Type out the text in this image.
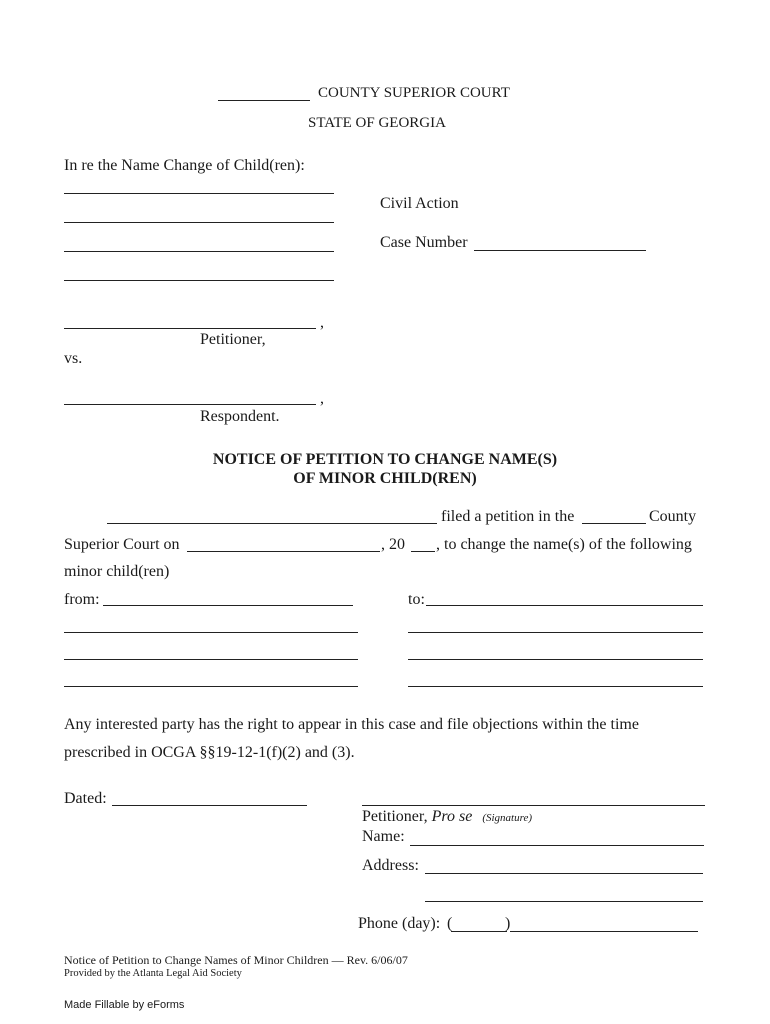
COUNTY SUPERIOR COURT
STATE OF GEORGIA
In re the Name Change of Child(ren):
Civil Action
Case Number
,
Petitioner,
vs.
,
Respondent.
NOTICE OF PETITION TO CHANGE NAME(S)
OF MINOR CHILD(REN)
filed a petition in the	County
Superior Court on	, 20 , to change the name(s) of the following
minor child(ren)
from:	to:
Any interested party has the right to appear in this case and file objections within the time
prescribed in OCGA §§19-12-1(f)(2) and (3).
Dated:
Petitioner, Pro se (Signature)
Name:
Address:
Phone (day): (	)
Notice of Petition to Change Names of Minor Children — Rev. 6/06/07
Provided by the Atlanta Legal Aid Society
Made Fillable by eForms
